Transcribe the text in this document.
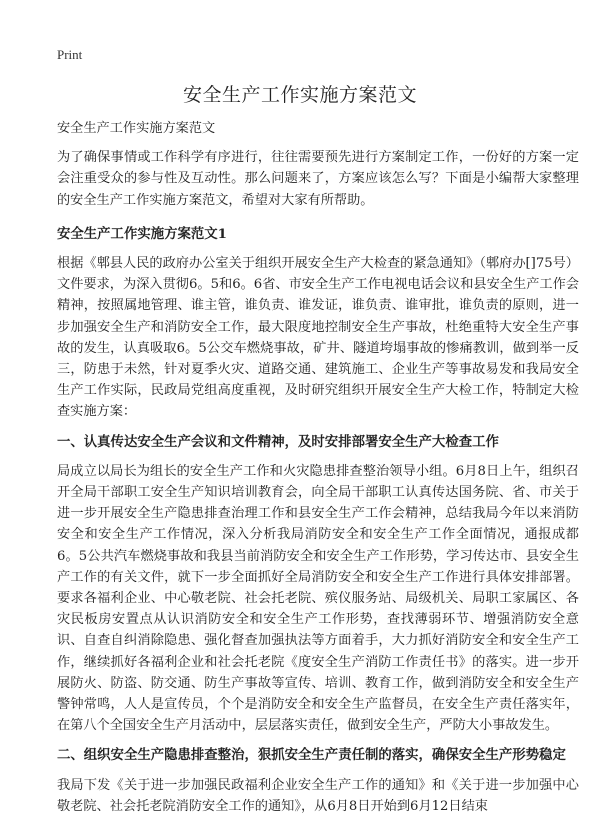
Print
安全生产工作实施方案范文

安全生产工作实施方案范文

为了确保事情或工作科学有序进行，往往需要预先进行方案制定工作，一份好的方案一定会注重受众的参与性及互动性。那么问题来了，方案应该怎么写？下面是小编帮大家整理的安全生产工作实施方案范文，希望对大家有所帮助。

安全生产工作实施方案范文1

根据《郫县人民的政府办公室关于组织开展安全生产大检查的紧急通知》（郫府办[]75号）文件要求，为深入贯彻6。5和6。6省、市安全生产工作电视电话会议和县安全生产工作会精神，按照属地管理、谁主管，谁负责、谁发证，谁负责、谁审批，谁负责的原则，进一步加强安全生产和消防安全工作，最大限度地控制安全生产事故，杜绝重特大安全生产事故的发生，认真吸取6。5公交车燃烧事故，矿井、隧道垮塌事故的惨痛教训，做到举一反三，防患于未然，针对夏季火灾、道路交通、建筑施工、企业生产等事故易发和我局安全生产工作实际，民政局党组高度重视，及时研究组织开展安全生产大检工作，特制定大检查实施方案：

一、认真传达安全生产会议和文件精神，及时安排部署安全生产大检查工作

局成立以局长为组长的安全生产工作和火灾隐患排查整治领导小组。6月8日上午，组织召开全局干部职工安全生产知识培训教育会，向全局干部职工认真传达国务院、省、市关于进一步开展安全生产隐患排查治理工作和县安全生产工作会精神，总结我局今年以来消防安全和安全生产工作情况，深入分析我局消防安全和安全生产工作全面情况，通报成都6。5公共汽车燃烧事故和我县当前消防安全和安全生产工作形势，学习传达市、县安全生产工作的有关文件，就下一步全面抓好全局消防安全和安全生产工作进行具体安排部署。要求各福利企业、中心敬老院、社会托老院、殡仪服务站、局级机关、局职工家属区、各灾民板房安置点从认识消防安全和安全生产工作形势，查找薄弱环节、增强消防安全意识、自查自纠消除隐患、强化督查加强执法等方面着手，大力抓好消防安全和安全生产工作，继续抓好各福利企业和社会托老院《度安全生产消防工作责任书》的落实。进一步开展防火、防盗、防交通、防生产事故等宣传、培训、教育工作，做到消防安全和安全生产警钟常鸣，人人是宣传员，个个是消防安全和安全生产监督员，在安全生产责任落实年，在第八个全国安全生产月活动中，层层落实责任，做到安全生产，严防大小事故发生。

二、组织安全生产隐患排查整治，狠抓安全生产责任制的落实，确保安全生产形势稳定

我局下发《关于进一步加强民政福利企业安全生产工作的通知》和《关于进一步加强中心敬老院、社会托老院消防安全工作的通知》，从6月8日开始到6月12日结束
